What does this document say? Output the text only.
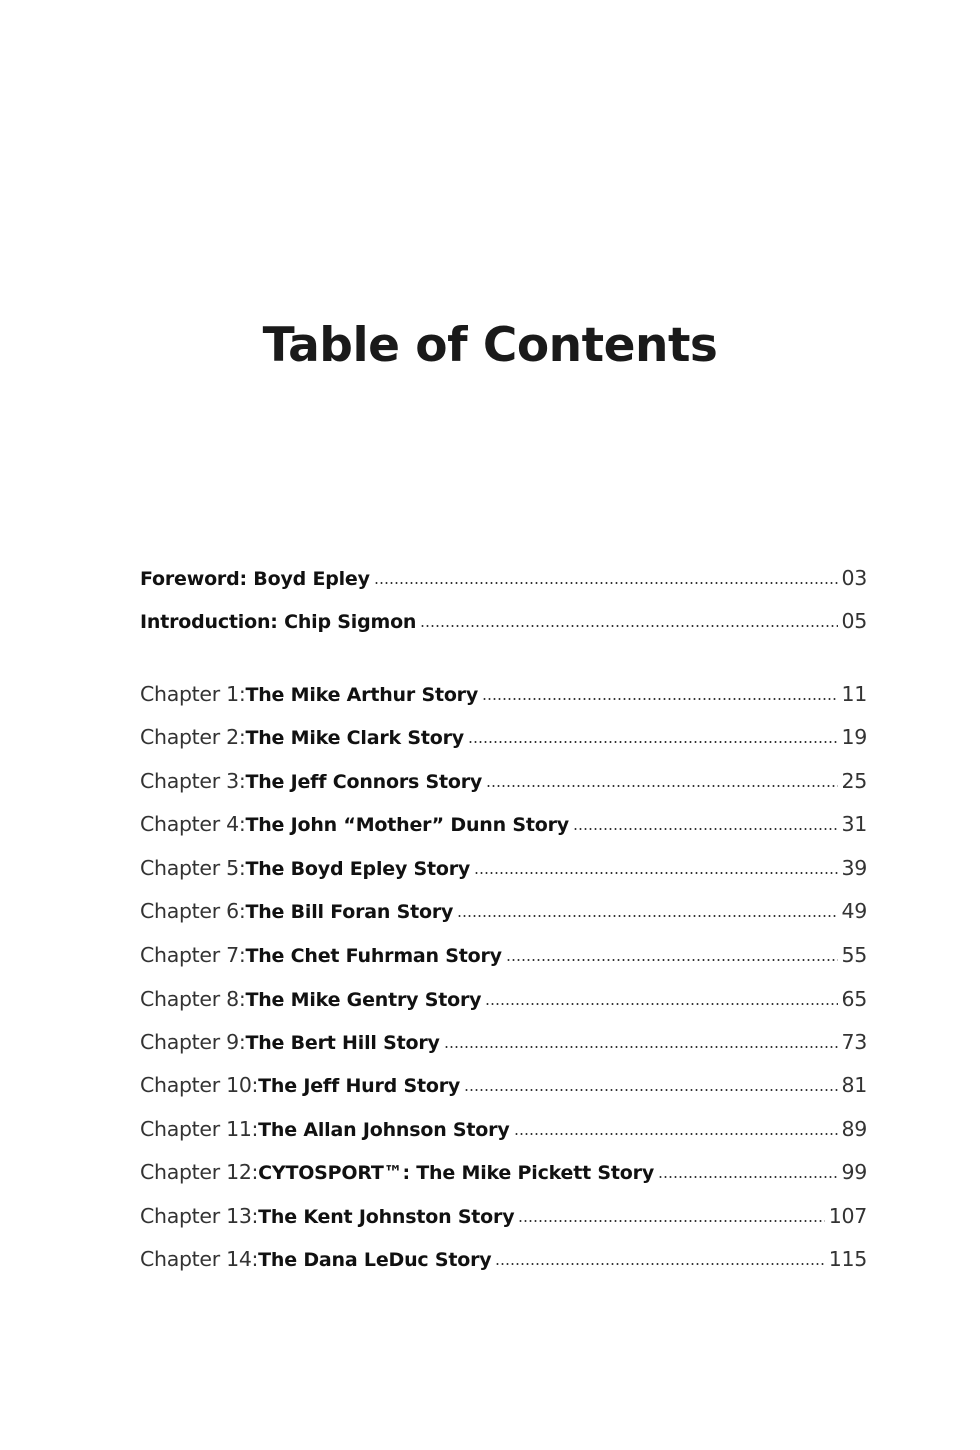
Table of Contents
Foreword: Boyd Epley	03
Introduction: Chip Sigmon	05
Chapter 1: The Mike Arthur Story	11
Chapter 2: The Mike Clark Story	19
Chapter 3: The Jeff Connors Story	25
Chapter 4: The John “Mother” Dunn Story	31
Chapter 5: The Boyd Epley Story	39
Chapter 6: The Bill Foran Story	49
Chapter 7: The Chet Fuhrman Story	55
Chapter 8: The Mike Gentry Story	65
Chapter 9: The Bert Hill Story	73
Chapter 10: The Jeff Hurd Story	81
Chapter 11: The Allan Johnson Story	89
Chapter 12: CYTOSPORT™: The Mike Pickett Story	99
Chapter 13: The Kent Johnston Story	107
Chapter 14: The Dana LeDuc Story	115
